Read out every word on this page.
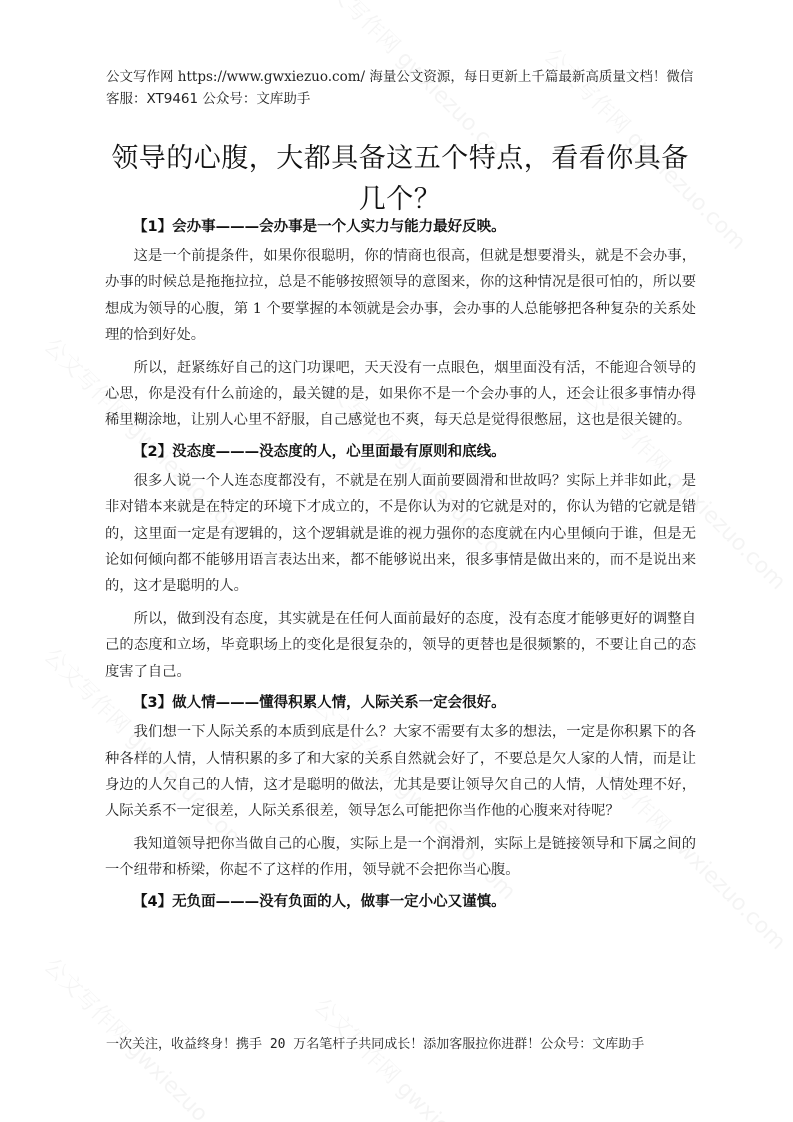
公文写作网 https://www.gwxiezuo.com/ 海量公文资源，每日更新上千篇最新高质量文档！微信客服：XT9461 公众号：文库助手
领导的心腹，大都具备这五个特点，看看你具备几个？
【1】会办事———会办事是一个人实力与能力最好反映。

这是一个前提条件，如果你很聪明，你的情商也很高，但就是想要滑头，就是不会办事，办事的时候总是拖拖拉拉，总是不能够按照领导的意图来，你的这种情况是很可怕的，所以要想成为领导的心腹，第 1 个要掌握的本领就是会办事，会办事的人总能够把各种复杂的关系处理的恰到好处。

所以，赶紧练好自己的这门功课吧，天天没有一点眼色，烟里面没有活，不能迎合领导的心思，你是没有什么前途的，最关键的是，如果你不是一个会办事的人，还会让很多事情办得稀里糊涂地，让别人心里不舒服，自己感觉也不爽，每天总是觉得很憋屈，这也是很关键的。

【2】没态度———没态度的人，心里面最有原则和底线。

很多人说一个人连态度都没有，不就是在别人面前要圆滑和世故吗？实际上并非如此，是非对错本来就是在特定的环境下才成立的，不是你认为对的它就是对的，你认为错的它就是错的，这里面一定是有逻辑的，这个逻辑就是谁的视力强你的态度就在内心里倾向于谁，但是无论如何倾向都不能够用语言表达出来，都不能够说出来，很多事情是做出来的，而不是说出来的，这才是聪明的人。

所以，做到没有态度，其实就是在任何人面前最好的态度，没有态度才能够更好的调整自己的态度和立场，毕竟职场上的变化是很复杂的，领导的更替也是很频繁的，不要让自己的态度害了自己。

【3】做人情———懂得积累人情，人际关系一定会很好。

我们想一下人际关系的本质到底是什么？大家不需要有太多的想法，一定是你积累下的各种各样的人情，人情积累的多了和大家的关系自然就会好了，不要总是欠人家的人情，而是让身边的人欠自己的人情，这才是聪明的做法，尤其是要让领导欠自己的人情，人情处理不好，人际关系不一定很差，人际关系很差，领导怎么可能把你当作他的心腹来对待呢？

我知道领导把你当做自己的心腹，实际上是一个润滑剂，实际上是链接领导和下属之间的一个纽带和桥梁，你起不了这样的作用，领导就不会把你当心腹。

【4】无负面———没有负面的人，做事一定小心又谨慎。
一次关注，收益终身！携手 20 万名笔杆子共同成长！添加客服拉你进群！公众号：文库助手
